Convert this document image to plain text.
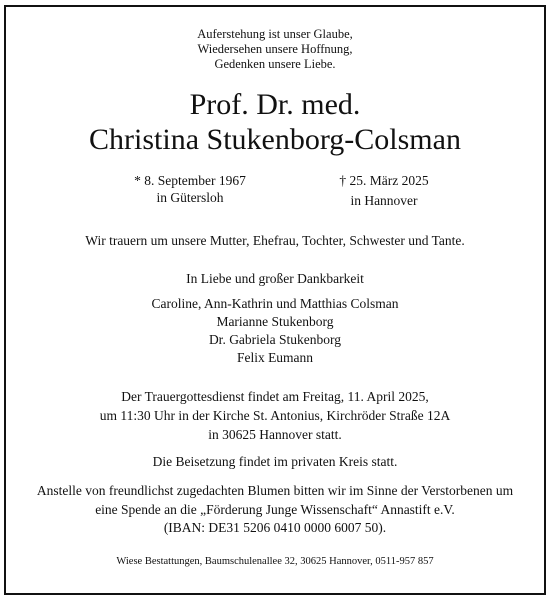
Auferstehung ist unser Glaube,
Wiedersehen unsere Hoffnung,
Gedenken unsere Liebe.
Prof. Dr. med.
Christina Stukenborg-Colsman
* 8. September 1967
in Gütersloh
† 25. März 2025
in Hannover
Wir trauern um unsere Mutter, Ehefrau, Tochter, Schwester und Tante.
In Liebe und großer Dankbarkeit
Caroline, Ann-Kathrin und Matthias Colsman
Marianne Stukenborg
Dr. Gabriela Stukenborg
Felix Eumann
Der Trauergottesdienst findet am Freitag, 11. April 2025,
um 11:30 Uhr in der Kirche St. Antonius, Kirchröder Straße 12A
in 30625 Hannover statt.
Die Beisetzung findet im privaten Kreis statt.
Anstelle von freundlichst zugedachten Blumen bitten wir im Sinne der Verstorbenen um
eine Spende an die „Förderung Junge Wissenschaft“ Annastift e.V.
(IBAN: DE31 5206 0410 0000 6007 50).
Wiese Bestattungen, Baumschulenallee 32, 30625 Hannover, 0511-957 857
